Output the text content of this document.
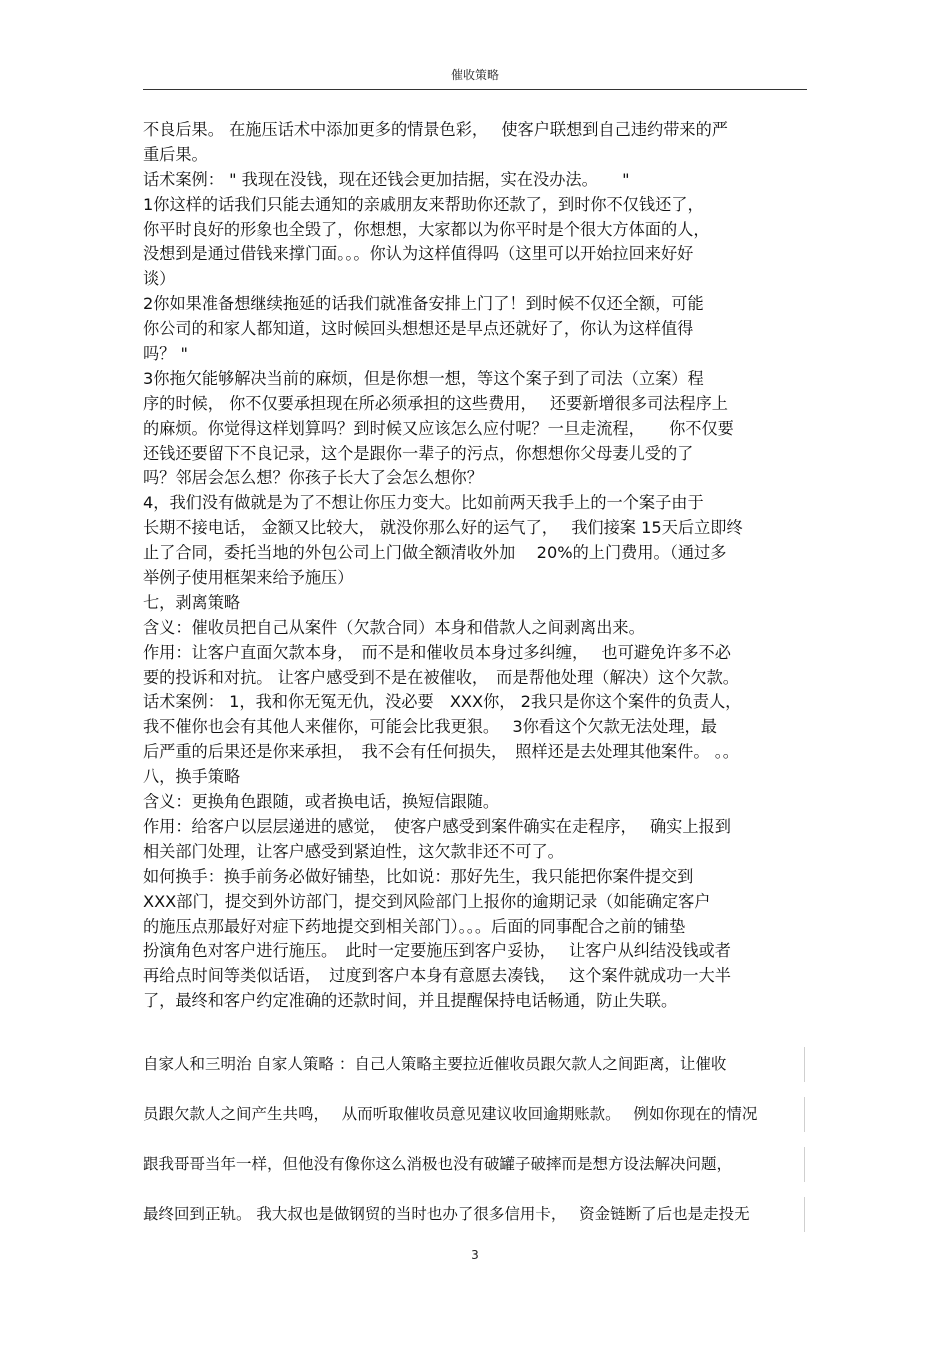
催收策略
不良后果。 在施压话术中添加更多的情景色彩，　 使客户联想到自己违约带来的严
重后果。
话术案例： " 我现在没钱，现在还钱会更加拮据，实在没办法。　　"
1你这样的话我们只能去通知的亲戚朋友来帮助你还款了，到时你不仅钱还了，
你平时良好的形象也全毁了，你想想，大家都以为你平时是个很大方体面的人，
没想到是通过借钱来撑门面。。。你认为这样值得吗（这里可以开始拉回来好好
谈）
2你如果准备想继续拖延的话我们就准备安排上门了！到时候不仅还全额，可能
你公司的和家人都知道，这时候回头想想还是早点还就好了，你认为这样值得
吗？ "
3你拖欠能够解决当前的麻烦，但是你想一想，等这个案子到了司法（立案）程
序的时候， 你不仅要承担现在所必须承担的这些费用，　 还要新增很多司法程序上
的麻烦。你觉得这样划算吗？到时候又应该怎么应付呢？一旦走流程，　　你不仅要
还钱还要留下不良记录，这个是跟你一辈子的污点，你想想你父母妻儿受的了
吗？邻居会怎么想？你孩子长大了会怎么想你？
4，我们没有做就是为了不想让你压力变大。比如前两天我手上的一个案子由于
长期不接电话， 金额又比较大， 就没你那么好的运气了，　 我们接案 15天后立即终
止了合同，委托当地的外包公司上门做全额清收外加　 20%的上门费用。（通过多
举例子使用框架来给予施压）
七，剥离策略
含义：催收员把自己从案件（欠款合同）本身和借款人之间剥离出来。
作用：让客户直面欠款本身，　而不是和催收员本身过多纠缠，　 也可避免许多不必
要的投诉和对抗。 让客户感受到不是在被催收，　而是帮他处理（解决）这个欠款。
话术案例： 1，我和你无冤无仇，没必要　XXX你， 2我只是你这个案件的负责人，
我不催你也会有其他人来催你，可能会比我更狠。　 3你看这个欠款无法处理，最
后严重的后果还是你来承担，　我不会有任何损失，　照样还是去处理其他案件。 。。
八，换手策略
含义：更换角色跟随，或者换电话，换短信跟随。
作用：给客户以层层递进的感觉，　使客户感受到案件确实在走程序，　 确实上报到
相关部门处理，让客户感受到紧迫性，这欠款非还不可了。
如何换手：换手前务必做好铺垫，比如说：那好先生，我只能把你案件提交到
XXX部门，提交到外访部门，提交到风险部门上报你的逾期记录（如能确定客户
的施压点那最好对症下药地提交到相关部门）。。。后面的同事配合之前的铺垫
扮演角色对客户进行施压。　此时一定要施压到客户妥协，　 让客户从纠结没钱或者
再给点时间等类似话语，　过度到客户本身有意愿去凑钱，　 这个案件就成功一大半
了，最终和客户约定准确的还款时间，并且提醒保持电话畅通，防止失联。
自家人和三明治 自家人策略 ：自己人策略主要拉近催收员跟欠款人之间距离，让催收
员跟欠款人之间产生共鸣，　 从而听取催收员意见建议收回逾期账款。　 例如你现在的情况
跟我哥哥当年一样，但他没有像你这么消极也没有破罐子破摔而是想方设法解决问题，
最终回到正轨。 我大叔也是做钢贸的当时也办了很多信用卡，　 资金链断了后也是走投无
3
